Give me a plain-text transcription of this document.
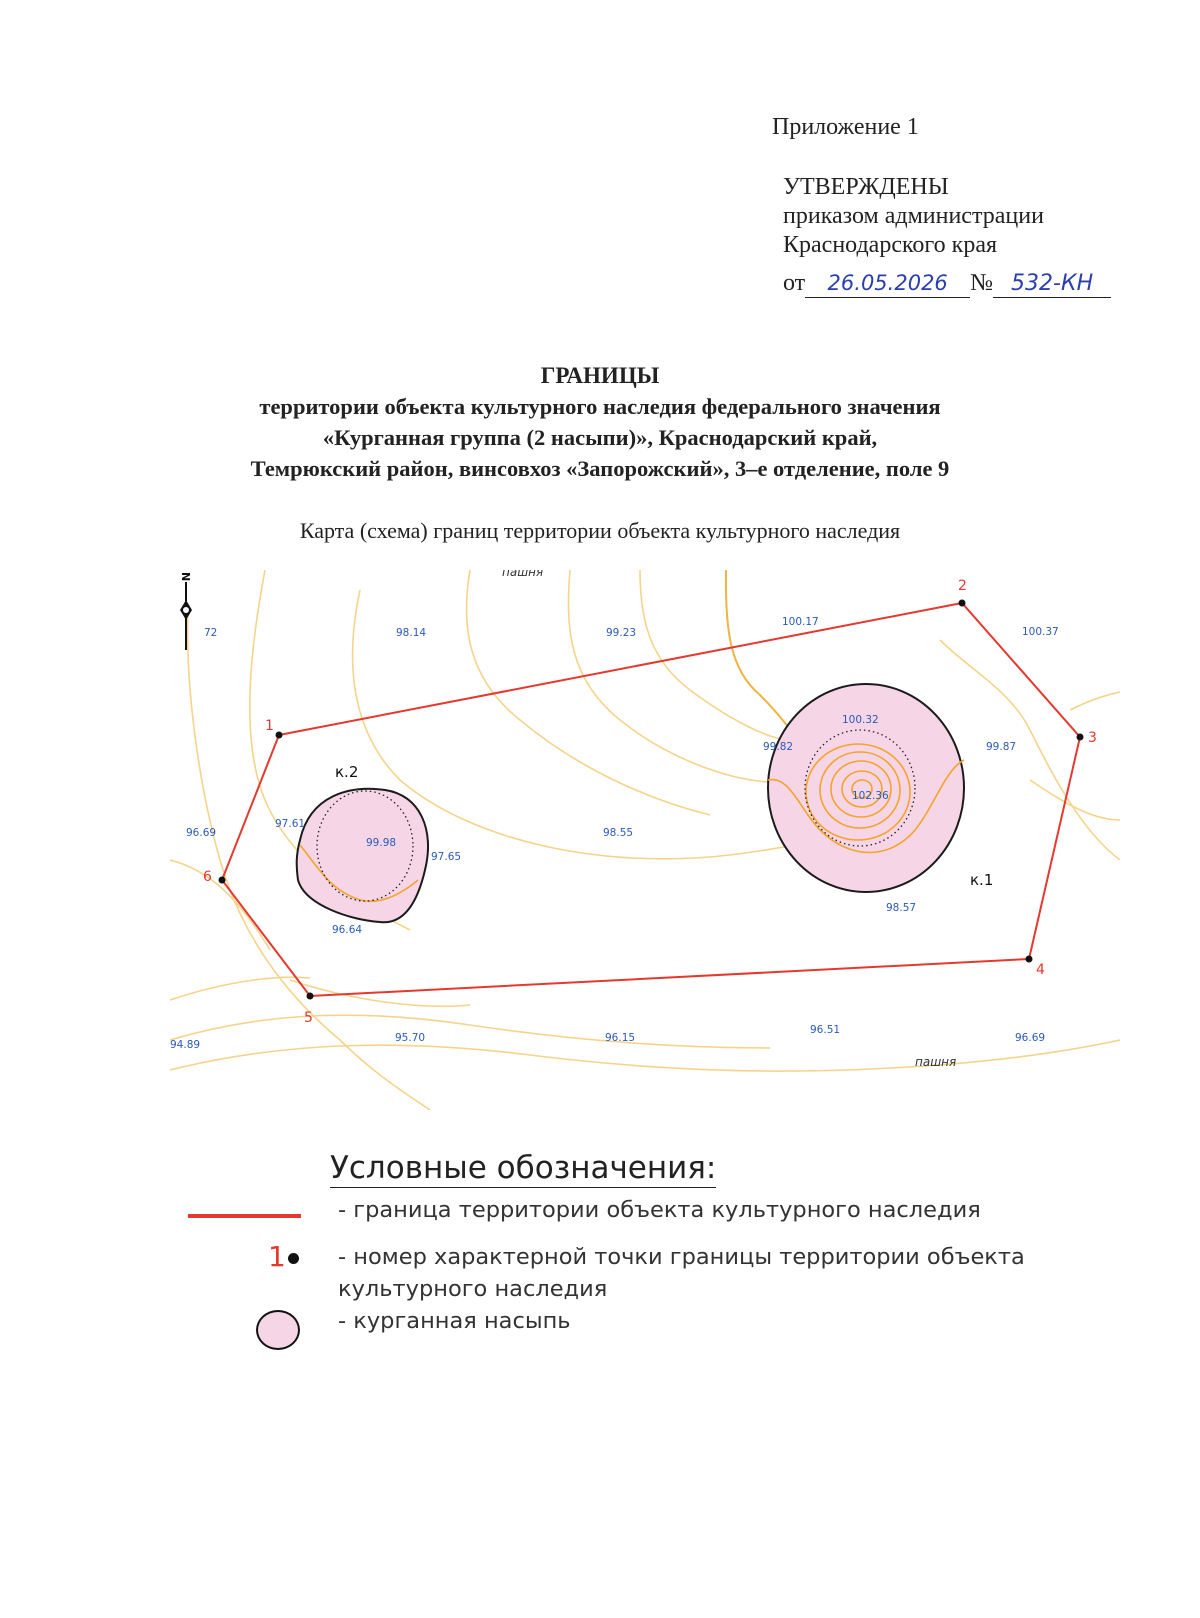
Приложение 1
УТВЕРЖДЕНЫ
приказом администрации
Краснодарского края
от 26.05.2026 № 532-КН
ГРАНИЦЫ
территории объекта культурного наследия федерального значения
«Курганная группа (2 насыпи)», Краснодарский край,
Темрюкский район, винсовхоз «Запорожский», 3–е отделение, поле 9
Карта (схема) границ территории объекта культурного наследия
N
1
2
3
4
5
6
пашня
пашня
к.1
к.2
72	98.14	99.23
100.17
100.37
100.32
99.82	99.87
102.36
97.61
99.98
97.65
96.69	98.55
98.57
96.64
94.89
95.70	96.15
96.51
96.69
Условные обозначения:
- граница территории объекта культурного наследия
1 - номер характерной точки границы территории объекта
культурного наследия
- курганная насыпь
